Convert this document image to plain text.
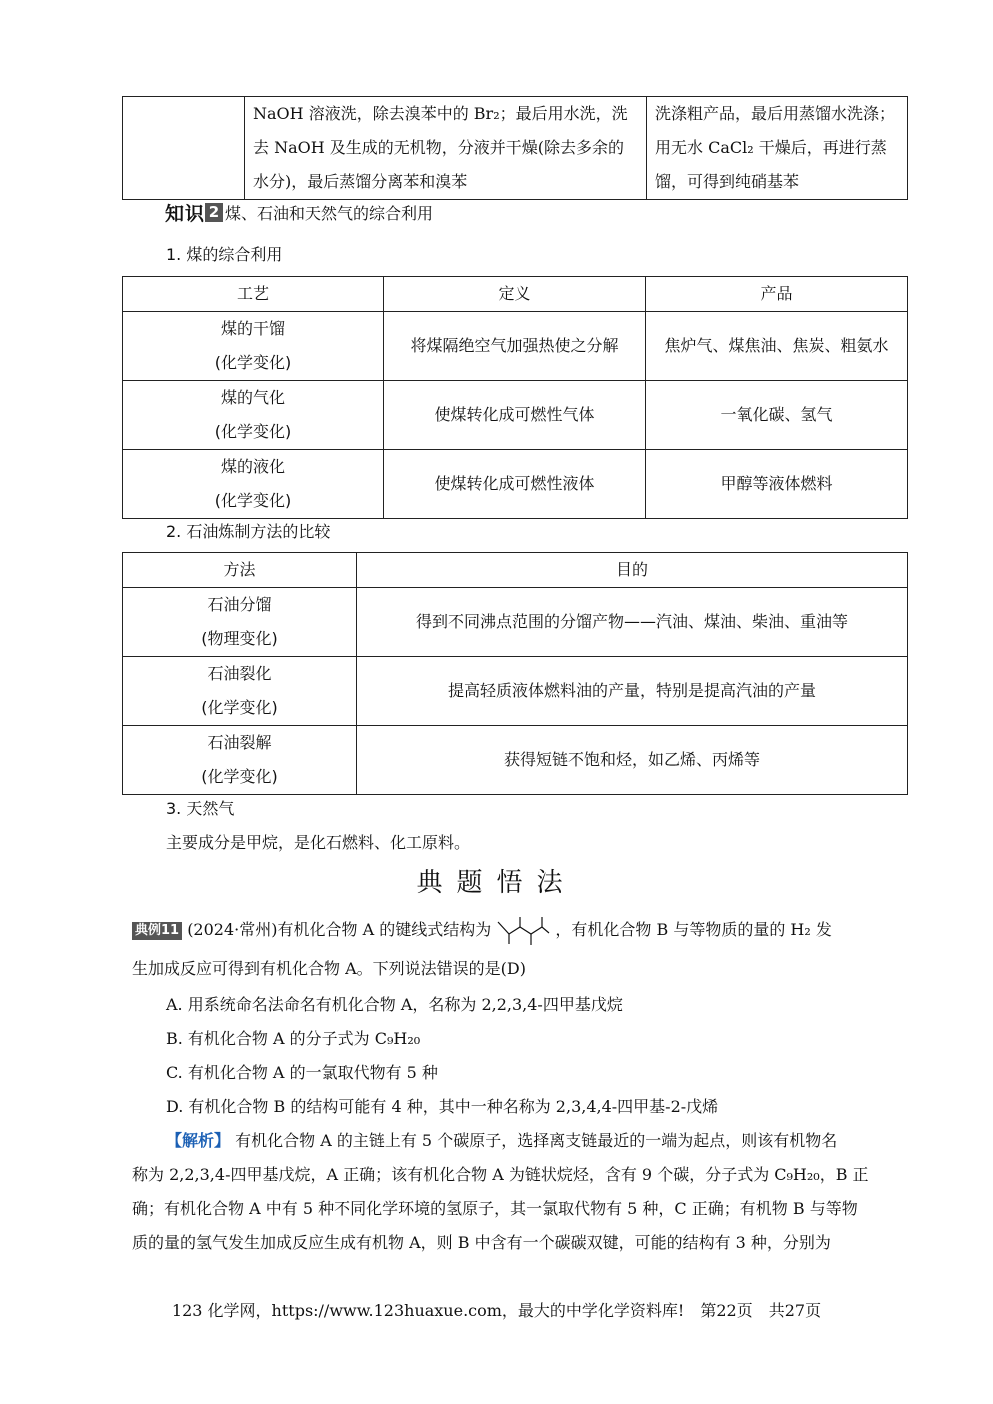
	NaOH 溶液洗，除去溴苯中的 Br₂；最后用水洗，洗去 NaOH 及生成的无机物，分液并干燥(除去多余的水分)，最后蒸馏分离苯和溴苯	洗涤粗产品，最后用蒸馏水洗涤；用无水 CaCl₂ 干燥后，再进行蒸馏，可得到纯硝基苯
知识 2 煤、石油和天然气的综合利用
1. 煤的综合利用
工艺	定义	产品

煤的干馏
(化学变化)	将煤隔绝空气加强热使之分解	焦炉气、煤焦油、焦炭、粗氨水

煤的气化
(化学变化)	使煤转化成可燃性气体	一氧化碳、氢气

煤的液化
(化学变化)	使煤转化成可燃性液体	甲醇等液体燃料
2. 石油炼制方法的比较
方法	目的

石油分馏
(物理变化)	得到不同沸点范围的分馏产物——汽油、煤油、柴油、重油等

石油裂化
(化学变化)	提高轻质液体燃料油的产量，特别是提高汽油的产量

石油裂解
(化学变化)	获得短链不饱和烃，如乙烯、丙烯等
3. 天然气
主要成分是甲烷，是化石燃料、化工原料。
典题悟法
典例11 (2024·常州)有机化合物 A 的键线式结构为	，有机化合物 B 与等物质的量的 H₂ 发
生加成反应可得到有机化合物 A。下列说法错误的是(D)
A. 用系统命名法命名有机化合物 A，名称为 2,2,3,4-四甲基戊烷
B. 有机化合物 A 的分子式为 C₉H₂₀
C. 有机化合物 A 的一氯取代物有 5 种
D. 有机化合物 B 的结构可能有 4 种，其中一种名称为 2,3,4,4-四甲基-2-戊烯
【解析】 有机化合物 A 的主链上有 5 个碳原子，选择离支链最近的一端为起点，则该有机物名
称为 2,2,3,4-四甲基戊烷，A 正确；该有机化合物 A 为链状烷烃，含有 9 个碳，分子式为 C₉H₂₀，B 正
确；有机化合物 A 中有 5 种不同化学环境的氢原子，其一氯取代物有 5 种，C 正确；有机物 B 与等物
质的量的氢气发生加成反应生成有机物 A，则 B 中含有一个碳碳双键，可能的结构有 3 种，分别为
123 化学网，https://www.123huaxue.com，最大的中学化学资料库!　第22页　共27页
